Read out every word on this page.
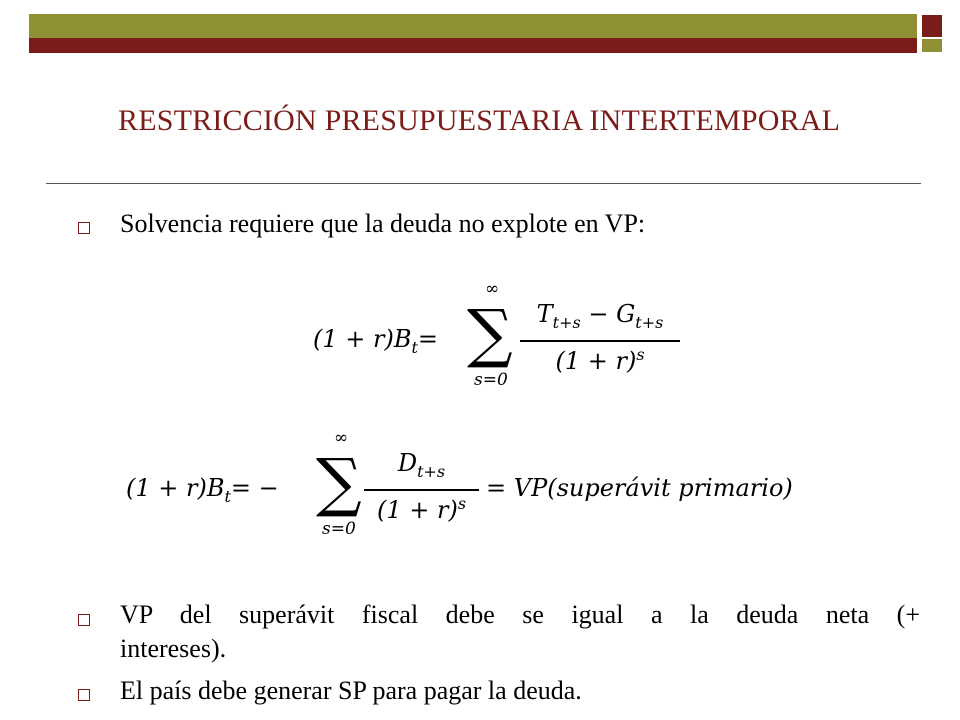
RESTRICCIÓN PRESUPUESTARIA INTERTEMPORAL
Solvencia requiere que la deuda no explote en VP:
$(1 + r)B_t=$
∞
∑
s=0
$T_{t+s} - G_{t+s}$
$(1 + r)^s$
$(1 + r)B_t=$ −
∞
∑
s=0
$D_{t+s}$
$(1 + r)^s$
= VP(superávit primario)
VP del superávit fiscal debe se igual a la deuda neta (+
intereses).
El país debe generar SP para pagar la deuda.
